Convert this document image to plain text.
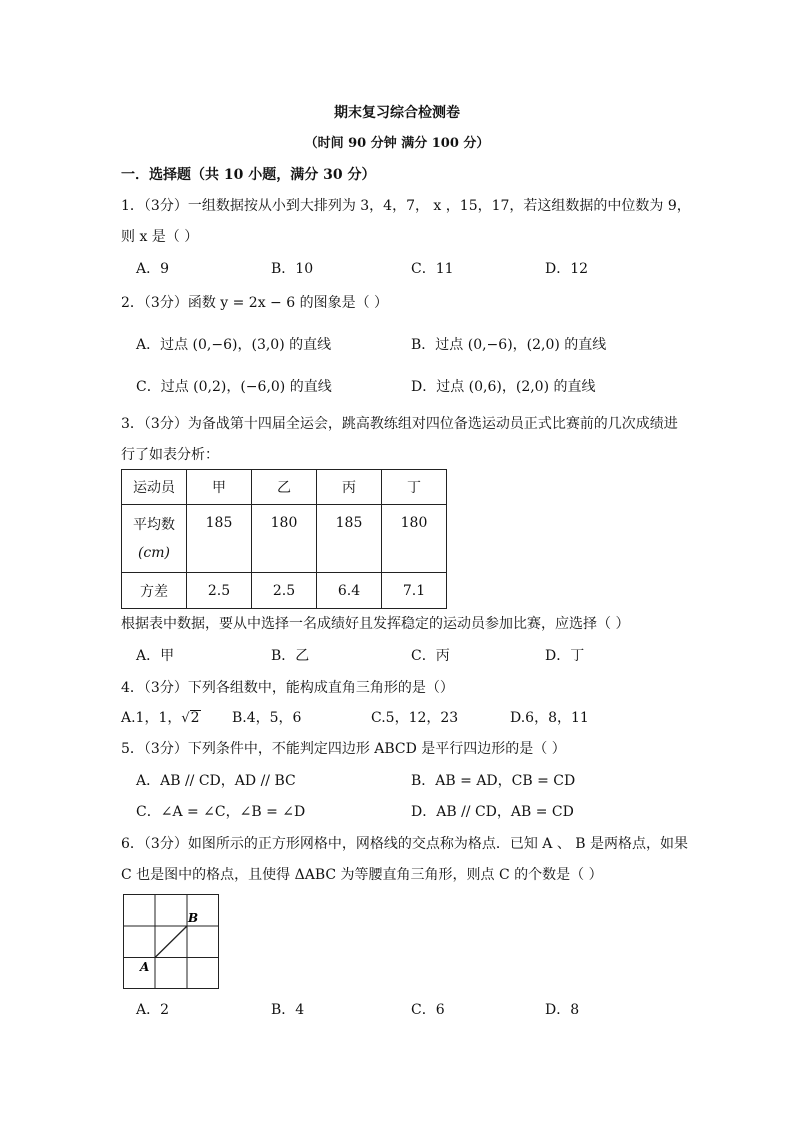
期末复习综合检测卷
（时间 90 分钟 满分 100 分）
一．选择题（共 10 小题，满分 30 分）
1．（3分）一组数据按从小到大排列为 3，4，7， x ，15，17，若这组数据的中位数为 9，
则 x 是（ ）
A．9	B．10	C．11	D．12
2．（3分）函数 y = 2x − 6 的图象是（ ）
A．过点 (0,−6)，(3,0) 的直线	B．过点 (0,−6)，(2,0) 的直线
C．过点 (0,2)，(−6,0) 的直线	D．过点 (0,6)，(2,0) 的直线
3．（3分）为备战第十四届全运会，跳高教练组对四位备选运动员正式比赛前的几次成绩进
行了如表分析：
运动员	甲	乙	丙	丁

平均数
(cm)	185	180	185	180
方差	2.5	2.5	6.4	7.1
根据表中数据，要从中选择一名成绩好且发挥稳定的运动员参加比赛，应选择（ ）
A．甲	B．乙	C．丙	D．丁
4．（3分）下列各组数中，能构成直角三角形的是（）
A.1，1，√2 B.4，5，6	C.5，12，23	D.6，8，11
5．（3分）下列条件中，不能判定四边形 ABCD 是平行四边形的是（ ）
A．AB // CD，AD // BC	B．AB = AD，CB = CD
C．∠A = ∠C，∠B = ∠D	D．AB // CD，AB = CD
6．（3分）如图所示的正方形网格中，网格线的交点称为格点．已知 A 、 B 是两格点，如果
C 也是图中的格点，且使得 ΔABC 为等腰直角三角形，则点 C 的个数是（ ）
A
B
A．2	B．4	C．6	D．8
